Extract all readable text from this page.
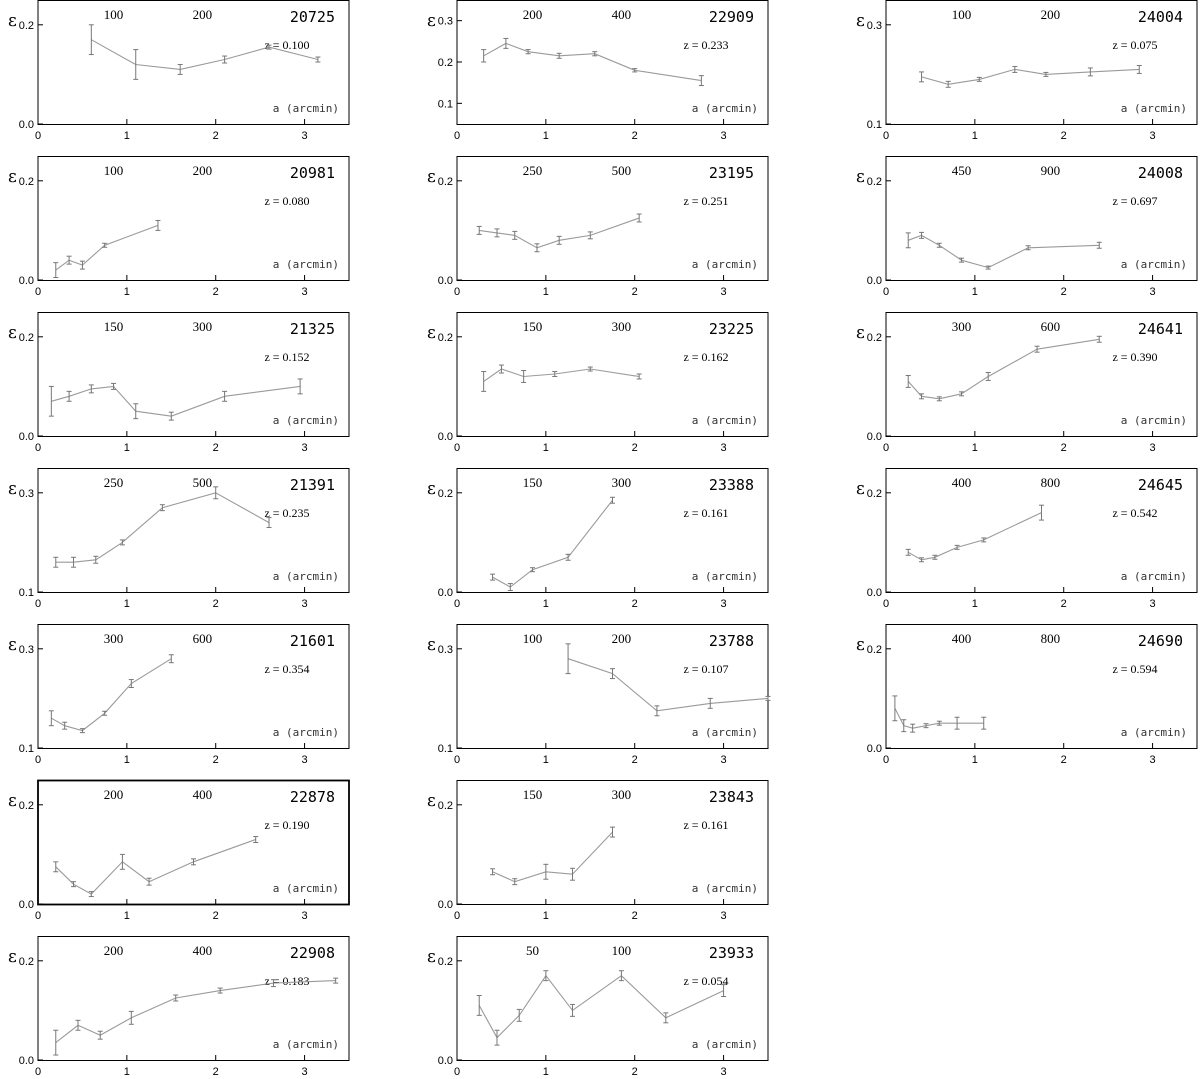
0	1	2	3
0.0
0.2
ε	100	200	20725
z = 0.100
a (arcmin)
0	1	2	3
0.0
0.2
ε	100	200	20981
z = 0.080
a (arcmin)
0	1	2	3
0.0
0.2
ε	150	300	21325
z = 0.152
a (arcmin)
0	1	2	3
0.1
0.3
ε	250	500	21391
z = 0.235
a (arcmin)
0	1	2	3
0.1
0.3
ε	300	600	21601
z = 0.354
a (arcmin)
0	1	2	3
0.0
0.2
ε	200	400	22878
z = 0.190
a (arcmin)
0	1	2	3
0.0
0.2
ε	200	400	22908
z = 0.183
a (arcmin)
0	1	2	3
0.1
0.2
0.3
ε	200	400	22909
z = 0.233
a (arcmin)
0	1	2	3
0.0
0.2
ε	250	500	23195
z = 0.251
a (arcmin)
0	1	2	3
0.0
0.2
ε	150	300	23225
z = 0.162
a (arcmin)
0	1	2	3
0.0
0.2
ε	150	300	23388
z = 0.161
a (arcmin)
0	1	2	3
0.1
0.3
ε	100	200	23788
z = 0.107
a (arcmin)
0	1	2	3
0.0
0.2
ε	150	300	23843
z = 0.161
a (arcmin)
0	1	2	3
0.0
0.2
ε	50	100	23933
z = 0.054
a (arcmin)
0	1	2	3
0.1
0.3
ε	100	200	24004
z = 0.075
a (arcmin)
0	1	2	3
0.0
0.2
ε	450	900	24008
z = 0.697
a (arcmin)
0	1	2	3
0.0
0.2
ε	300	600	24641
z = 0.390
a (arcmin)
0	1	2	3
0.0
0.2
ε	400	800	24645
z = 0.542
a (arcmin)
0	1	2	3
0.0
0.2
ε	400	800	24690
z = 0.594
a (arcmin)
